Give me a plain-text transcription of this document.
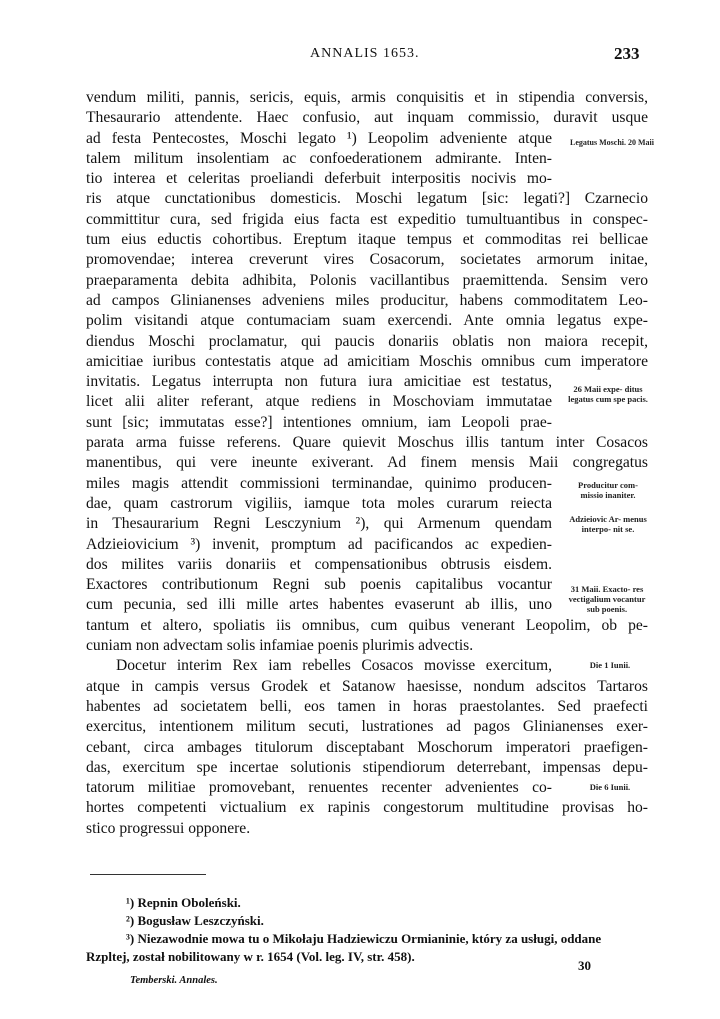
ANNALIS 1653.	233
vendum militi, pannis, sericis, equis, armis conquisitis et in stipendia conversis,
Thesaurario attendente. Haec confusio, aut inquam commissio, duravit usque
ad festa Pentecostes, Moschi legato ¹) Leopolim adveniente atque
talem militum insolentiam ac confoederationem admirante. Inten-
tio interea et celeritas proeliandi deferbuit interpositis nocivis mo-
ris atque cunctationibus domesticis. Moschi legatum [sic: legati?] Czarnecio
committitur cura, sed frigida eius facta est expeditio tumultuantibus in conspec-
tum eius eductis cohortibus. Ereptum itaque tempus et commoditas rei bellicae
promovendae; interea creverunt vires Cosacorum, societates armorum initae,
praeparamenta debita adhibita, Polonis vacillantibus praemittenda. Sensim vero
ad campos Glinianenses adveniens miles producitur, habens commoditatem Leo-
polim visitandi atque contumaciam suam exercendi. Ante omnia legatus expe-
diendus Moschi proclamatur, qui paucis donariis oblatis non maiora recepit,
amicitiae iuribus contestatis atque ad amicitiam Moschis omnibus cum imperatore
invitatis. Legatus interrupta non futura iura amicitiae est testatus,
licet alii aliter referant, atque rediens in Moschoviam immutatae
sunt [sic; immutatas esse?] intentiones omnium, iam Leopoli prae-
parata arma fuisse referens. Quare quievit Moschus illis tantum inter Cosacos
manentibus, qui vere ineunte exiverant. Ad finem mensis Maii congregatus
miles magis attendit commissioni terminandae, quinimo producen-
dae, quam castrorum vigiliis, iamque tota moles curarum reiecta
in Thesaurarium Regni Lesczynium ²), qui Armenum quendam
Adzieiovicium ³) invenit, promptum ad pacificandos ac expedien-
dos milites variis donariis et compensationibus obtrusis eisdem.
Exactores contributionum Regni sub poenis capitalibus vocantur
cum pecunia, sed illi mille artes habentes evaserunt ab illis, uno
tantum et altero, spoliatis iis omnibus, cum quibus venerant Leopolim, ob pe-
cuniam non advectam solis infamiae poenis plurimis advectis.
Docetur interim Rex iam rebelles Cosacos movisse exercitum,
atque in campis versus Grodek et Satanow haesisse, nondum adscitos Tartaros
habentes ad societatem belli, eos tamen in horas praestolantes. Sed praefecti
exercitus, intentionem militum secuti, lustrationes ad pagos Glinianenses exer-
cebant, circa ambages titulorum disceptabant Moschorum imperatori praefigen-
das, exercitum spe incertae solutionis stipendiorum deterrebant, impensas depu-
tatorum militiae promovebant, renuentes recenter advenientes co-
hortes competenti victualium ex rapinis congestorum multitudine provisas ho-
stico progressui opponere.
Legatus Moschi. 20 Maii
26 Maii expe- ditus legatus cum spe pacis.
Producitur com- missio inaniter.
Adzieiovic Ar- menus interpo- nit se.
31 Maii. Exacto- res vectigalium vocantur sub poenis.
Die 1 Iunii.
Die 6 Iunii.
¹) Repnin Oboleński.
²) Bogusław Leszczyński.
³) Niezawodnie mowa tu o Mikołaju Hadziewiczu Ormianinie, który za usługi, oddane
Rzpltej, został nobilitowany w r. 1654 (Vol. leg. IV, str. 458).
30
Temberski. Annales.
